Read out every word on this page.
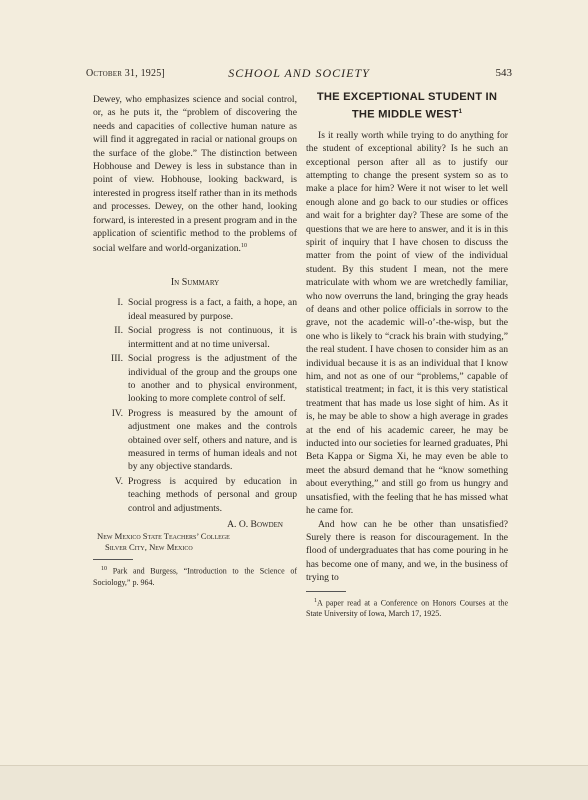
October 31, 1925]	SCHOOL AND SOCIETY	543

Dewey, who emphasizes science and social control, or, as he puts it, the “problem of discovering the needs and capacities of collective human nature as will find it aggregated in racial or national groups on the surface of the globe.” The distinction between Hobhouse and Dewey is less in substance than in point of view. Hobhouse, looking backward, is interested in progress itself rather than in its methods and processes. Dewey, on the other hand, looking forward, is interested in a present program and in the application of scientific method to the problems of social welfare and world-organization.$^{10}$

In Summary
I. Social progress is a fact, a faith, a hope, an ideal measured by purpose.
II. Social progress is not continuous, it is intermittent and at no time universal.
III. Social progress is the adjustment of the individual of the group and the groups one to another and to physical environment, looking to more complete control of self.
IV. Progress is measured by the amount of adjustment one makes and the controls obtained over self, others and nature, and is measured in terms of human ideals and not by any objective standards.
V. Progress is acquired by education in teaching methods of personal and group control and adjustments.
A. O. Bowden
New Mexico State Teachers’ College
Silver City, New Mexico

$^{10}$ Park and Burgess, “Introduction to the Science of Sociology,” p. 964.

THE EXCEPTIONAL STUDENT IN
THE MIDDLE WEST$^1$

Is it really worth while trying to do anything for the student of exceptional ability? Is he such an exceptional person after all as to justify our attempting to change the present system so as to make a place for him? Were it not wiser to let well enough alone and go back to our studies or offices and wait for a brighter day? These are some of the questions that we are here to answer, and it is in this spirit of inquiry that I have chosen to discuss the matter from the point of view of the individual student. By this student I mean, not the mere matriculate with whom we are wretchedly familiar, who now overruns the land, bringing the gray heads of deans and other police officials in sorrow to the grave, not the academic will-o’-the-wisp, but the one who is likely to “crack his brain with studying,” the real student. I have chosen to consider him as an individual because it is as an individual that I know him, and not as one of our “problems,” capable of statistical treatment; in fact, it is this very statistical treatment that has made us lose sight of him. As it is, he may be able to show a high average in grades at the end of his academic career, he may be inducted into our societies for learned graduates, Phi Beta Kappa or Sigma Xi, he may even be able to meet the absurd demand that he “know something about everything,” and still go from us hungry and unsatisfied, with the feeling that he has missed what he came for.

And how can he be other than unsatisfied? Surely there is reason for discouragement. In the flood of undergraduates that has come pouring in he has become one of many, and we, in the business of trying to

$^1$A paper read at a Conference on Honors Courses at the State University of Iowa, March 17, 1925.
